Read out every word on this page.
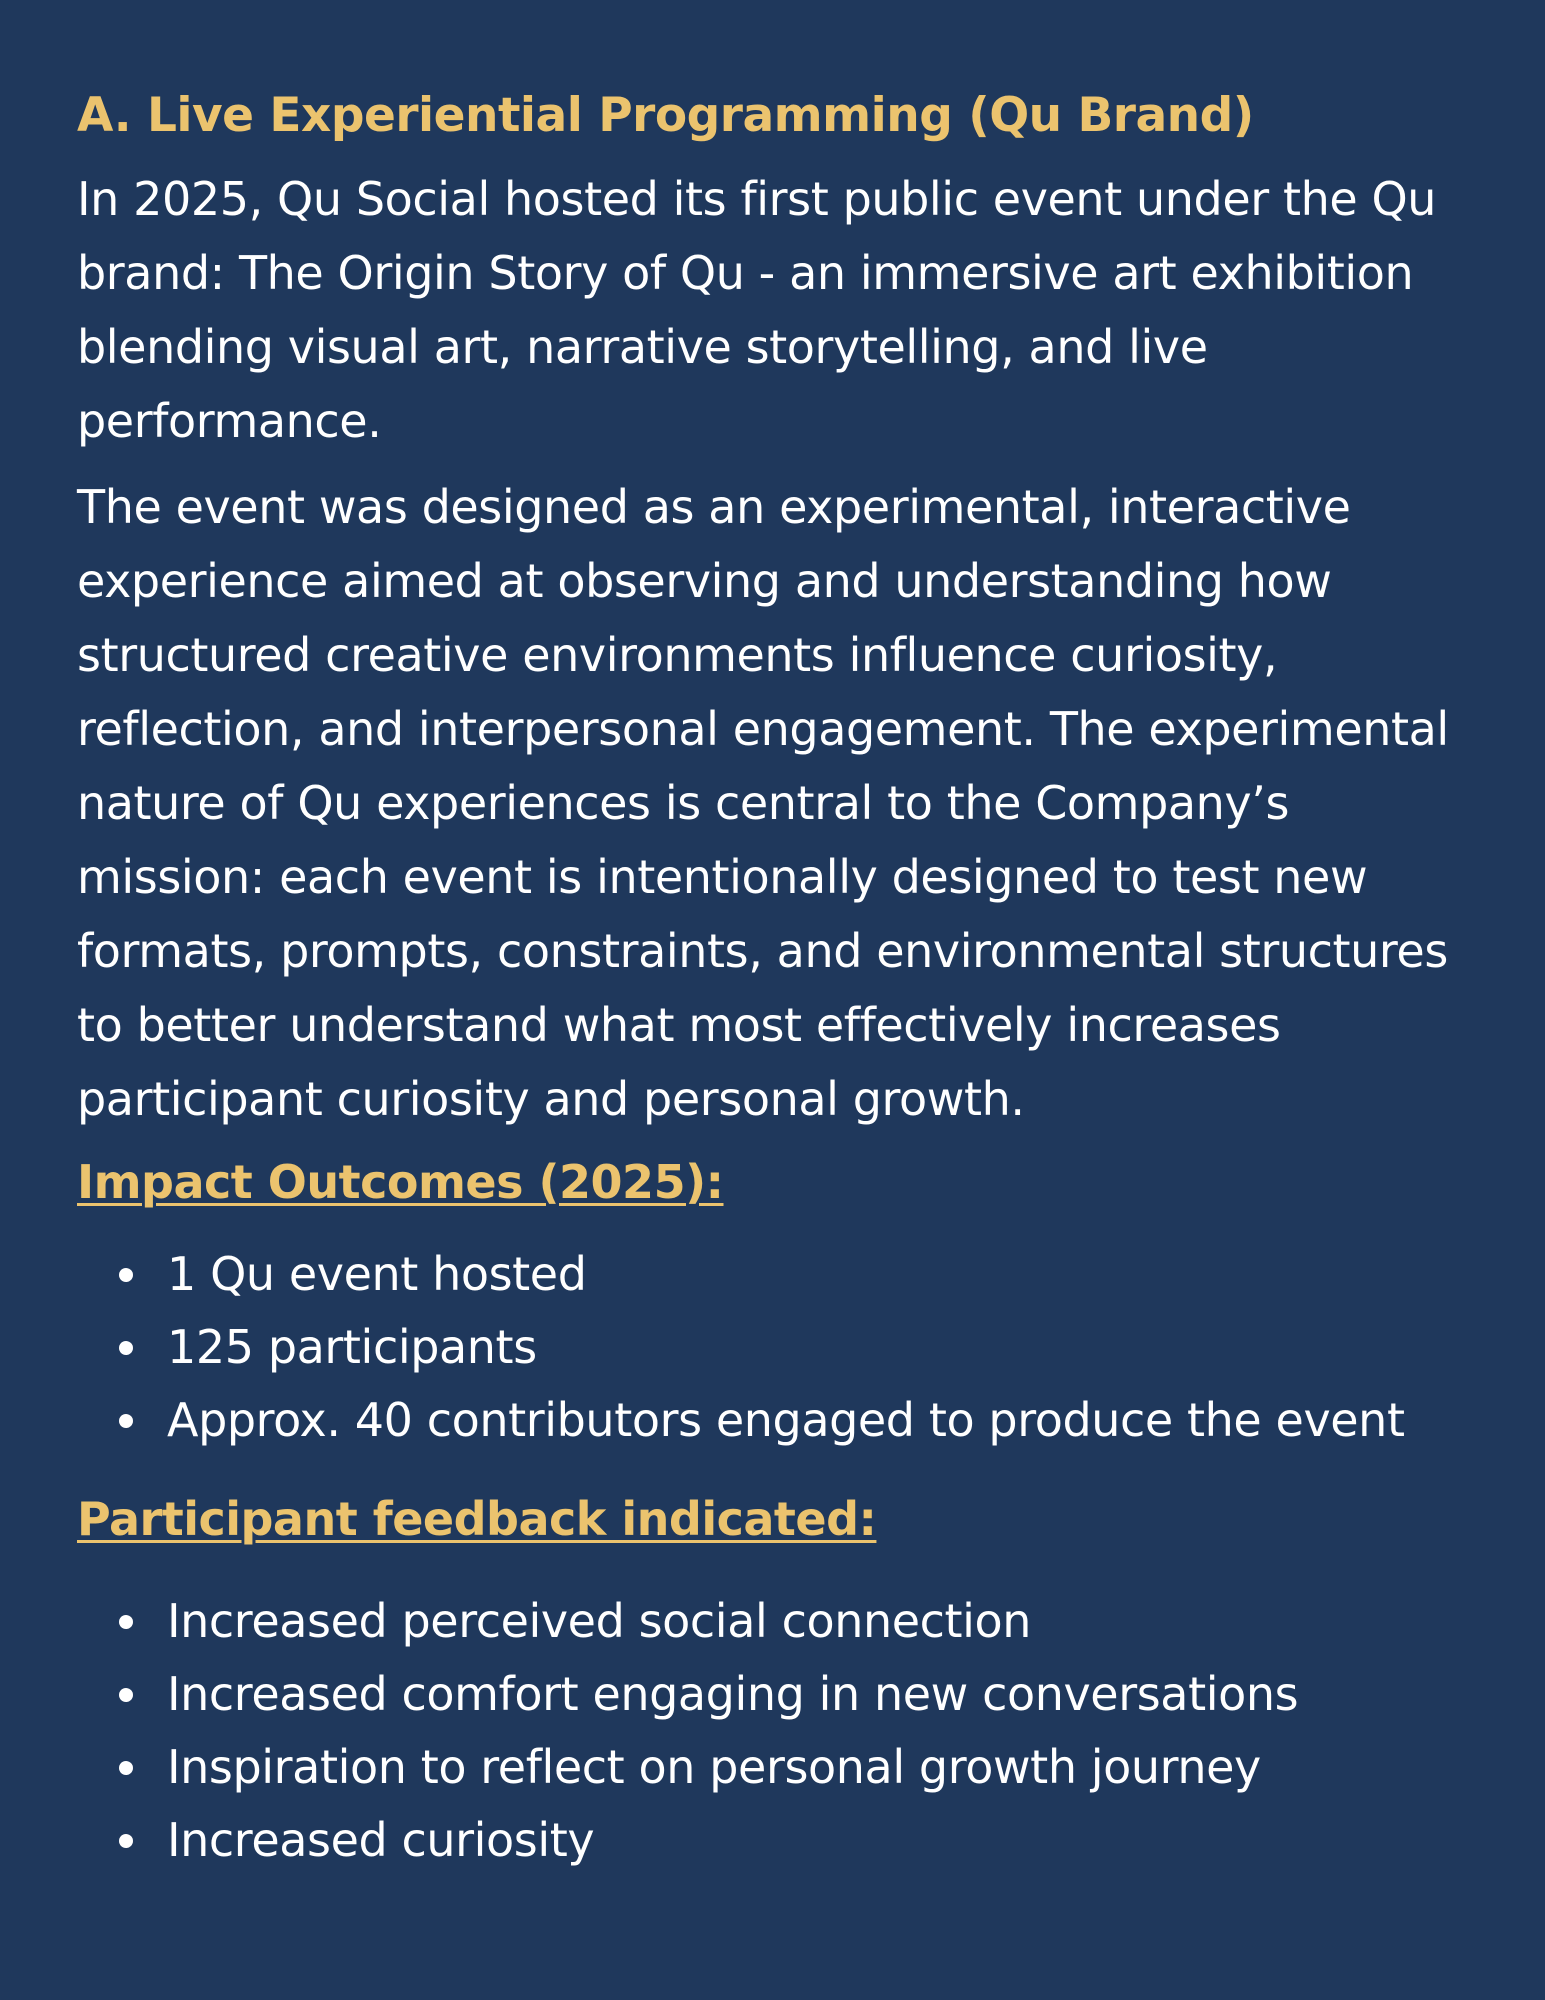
A. Live Experiential Programming (Qu Brand)

In 2025, Qu Social hosted its first public event under the Qu brand: The Origin Story of Qu - an immersive art exhibition blending visual art, narrative storytelling, and live performance.

The event was designed as an experimental, interactive experience aimed at observing and understanding how structured creative environments influence curiosity, reflection, and interpersonal engagement. The experimental nature of Qu experiences is central to the Company’s mission: each event is intentionally designed to test new formats, prompts, constraints, and environmental structures to better understand what most effectively increases participant curiosity and personal growth.

Impact Outcomes (2025):
1 Qu event hosted
125 participants
Approx. 40 contributors engaged to produce the event
Participant feedback indicated:
Increased perceived social connection
Increased comfort engaging in new conversations
Inspiration to reflect on personal growth journey
Increased curiosity
